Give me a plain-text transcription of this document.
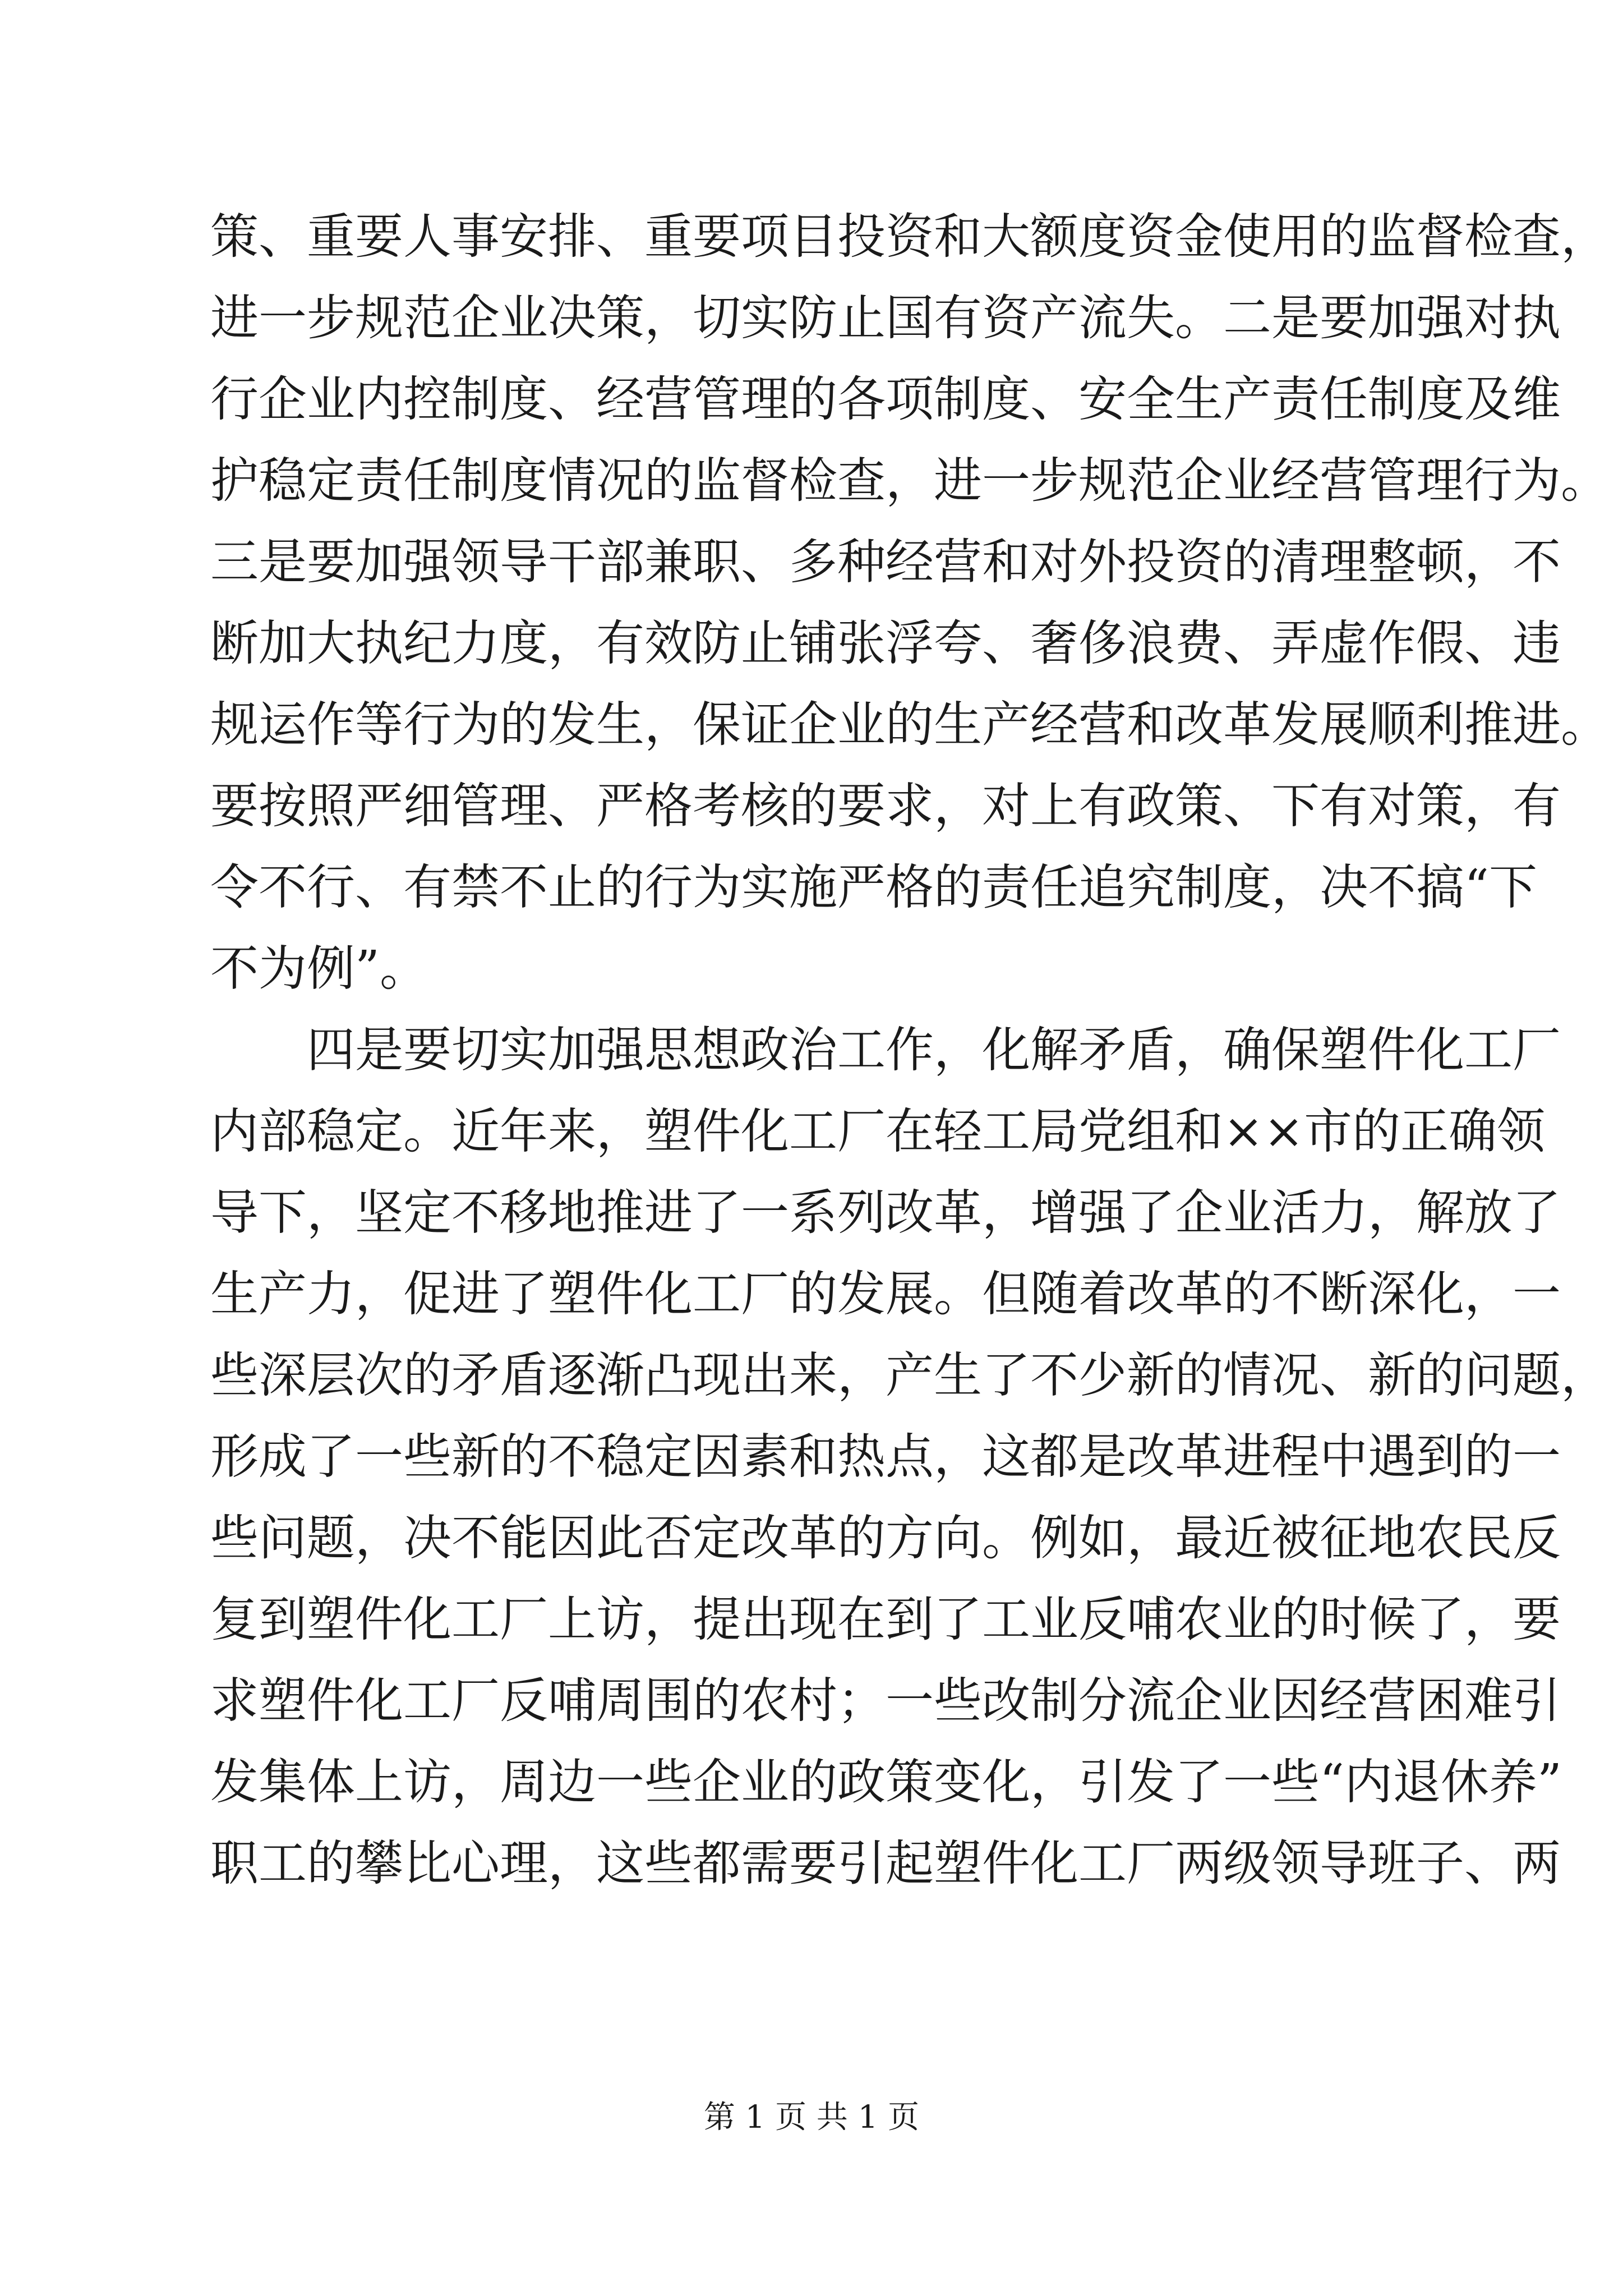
策、重要人事安排、重要项目投资和大额度资金使用的监督检查，
进一步规范企业决策，切实防止国有资产流失。二是要加强对执
行企业内控制度、经营管理的各项制度、安全生产责任制度及维
护稳定责任制度情况的监督检查，进一步规范企业经营管理行为。
三是要加强领导干部兼职、多种经营和对外投资的清理整顿，不
断加大执纪力度，有效防止铺张浮夸、奢侈浪费、弄虚作假、违
规运作等行为的发生，保证企业的生产经营和改革发展顺利推进。
要按照严细管理、严格考核的要求，对上有政策、下有对策，有
令不行、有禁不止的行为实施严格的责任追究制度，决不搞“下
不为例”。
四是要切实加强思想政治工作，化解矛盾，确保塑件化工厂
内部稳定。近年来，塑件化工厂在轻工局党组和××市的正确领
导下，坚定不移地推进了一系列改革，增强了企业活力，解放了
生产力，促进了塑件化工厂的发展。但随着改革的不断深化，一
些深层次的矛盾逐渐凸现出来，产生了不少新的情况、新的问题，
形成了一些新的不稳定因素和热点，这都是改革进程中遇到的一
些问题，决不能因此否定改革的方向。例如，最近被征地农民反
复到塑件化工厂上访，提出现在到了工业反哺农业的时候了，要
求塑件化工厂反哺周围的农村；一些改制分流企业因经营困难引
发集体上访，周边一些企业的政策变化，引发了一些“内退休养”
职工的攀比心理，这些都需要引起塑件化工厂两级领导班子、两
第 1 页 共 1 页
